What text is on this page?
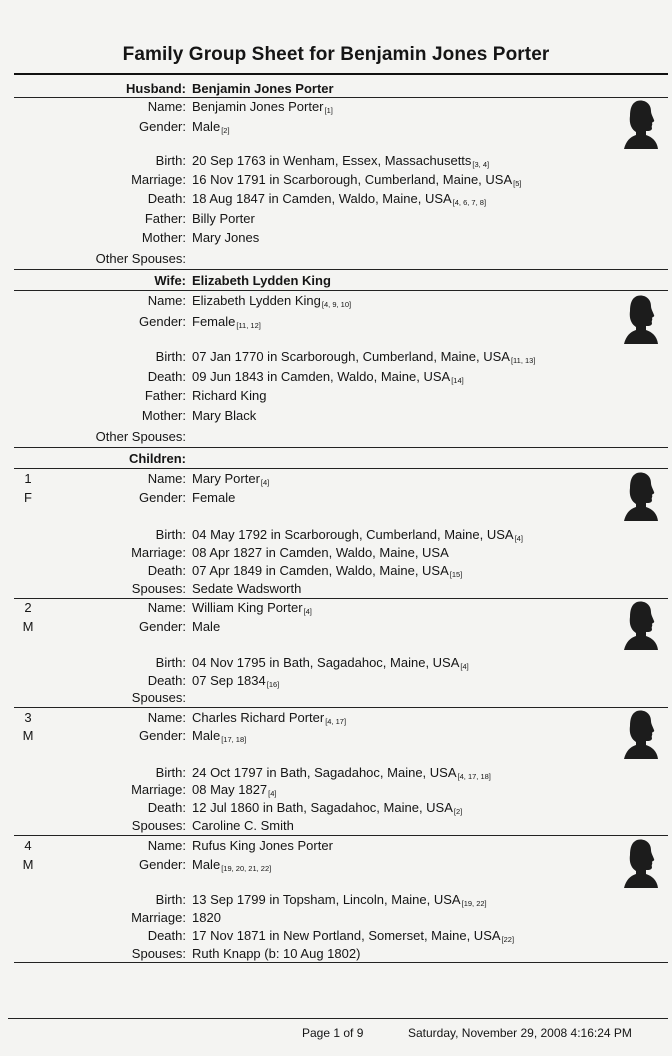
Family Group Sheet for Benjamin Jones Porter
Husband: Benjamin Jones Porter
Name: Benjamin Jones Porter$_{[1]}$
Gender: Male$_{[2]}$
Birth: 20 Sep 1763 in Wenham, Essex, Massachusetts$_{[3, 4]}$
Marriage: 16 Nov 1791 in Scarborough, Cumberland, Maine, $USA_{[5]}$
Death: 18 Aug 1847 in Camden, Waldo, Maine, $USA_{[4, 6, 7, 8]}$
Father: Billy Porter
Mother: Mary Jones
Other Spouses:
Wife: Elizabeth Lydden King
Name: Elizabeth Lydden King$_{[4, 9, 10]}$
Gender: Female$_{[11, 12]}$
Birth: 07 Jan 1770 in Scarborough, Cumberland, Maine, $USA_{[11, 13]}$
Death: 09 Jun 1843 in Camden, Waldo, Maine, $USA_{[14]}$
Father: Richard King
Mother: Mary Black
Other Spouses:
Children:
1
F
Name: Mary Porter$_{[4]}$
Gender: Female
Birth: 04 May 1792 in Scarborough, Cumberland, Maine, $USA_{[4]}$
Marriage: 08 Apr 1827 in Camden, Waldo, Maine, USA
Death: 07 Apr 1849 in Camden, Waldo, Maine, $USA_{[15]}$
Spouses: Sedate Wadsworth
2
M
Name: William King Porter$_{[4]}$
Gender: Male
Birth: 04 Nov 1795 in Bath, Sagadahoc, Maine, $USA_{[4]}$
Death: 07 Sep $1834_{[16]}$
Spouses:
3
M
Name: Charles Richard Porter$_{[4, 17]}$
Gender: Male$_{[17, 18]}$
Birth: 24 Oct 1797 in Bath, Sagadahoc, Maine, $USA_{[4, 17, 18]}$
Marriage: 08 May $1827_{[4]}$
Death: 12 Jul 1860 in Bath, Sagadahoc, Maine, $USA_{[2]}$
Spouses: Caroline C. Smith
4
M
Name: Rufus King Jones Porter
Gender: Male$_{[19, 20, 21, 22]}$
Birth: 13 Sep 1799 in Topsham, Lincoln, Maine, $USA_{[19, 22]}$
Marriage: 1820
Death: 17 Nov 1871 in New Portland, Somerset, Maine, $USA_{[22]}$
Spouses: Ruth Knapp (b: 10 Aug 1802)
Page 1 of 9	Saturday, November 29, 2008 4:16:24 PM
